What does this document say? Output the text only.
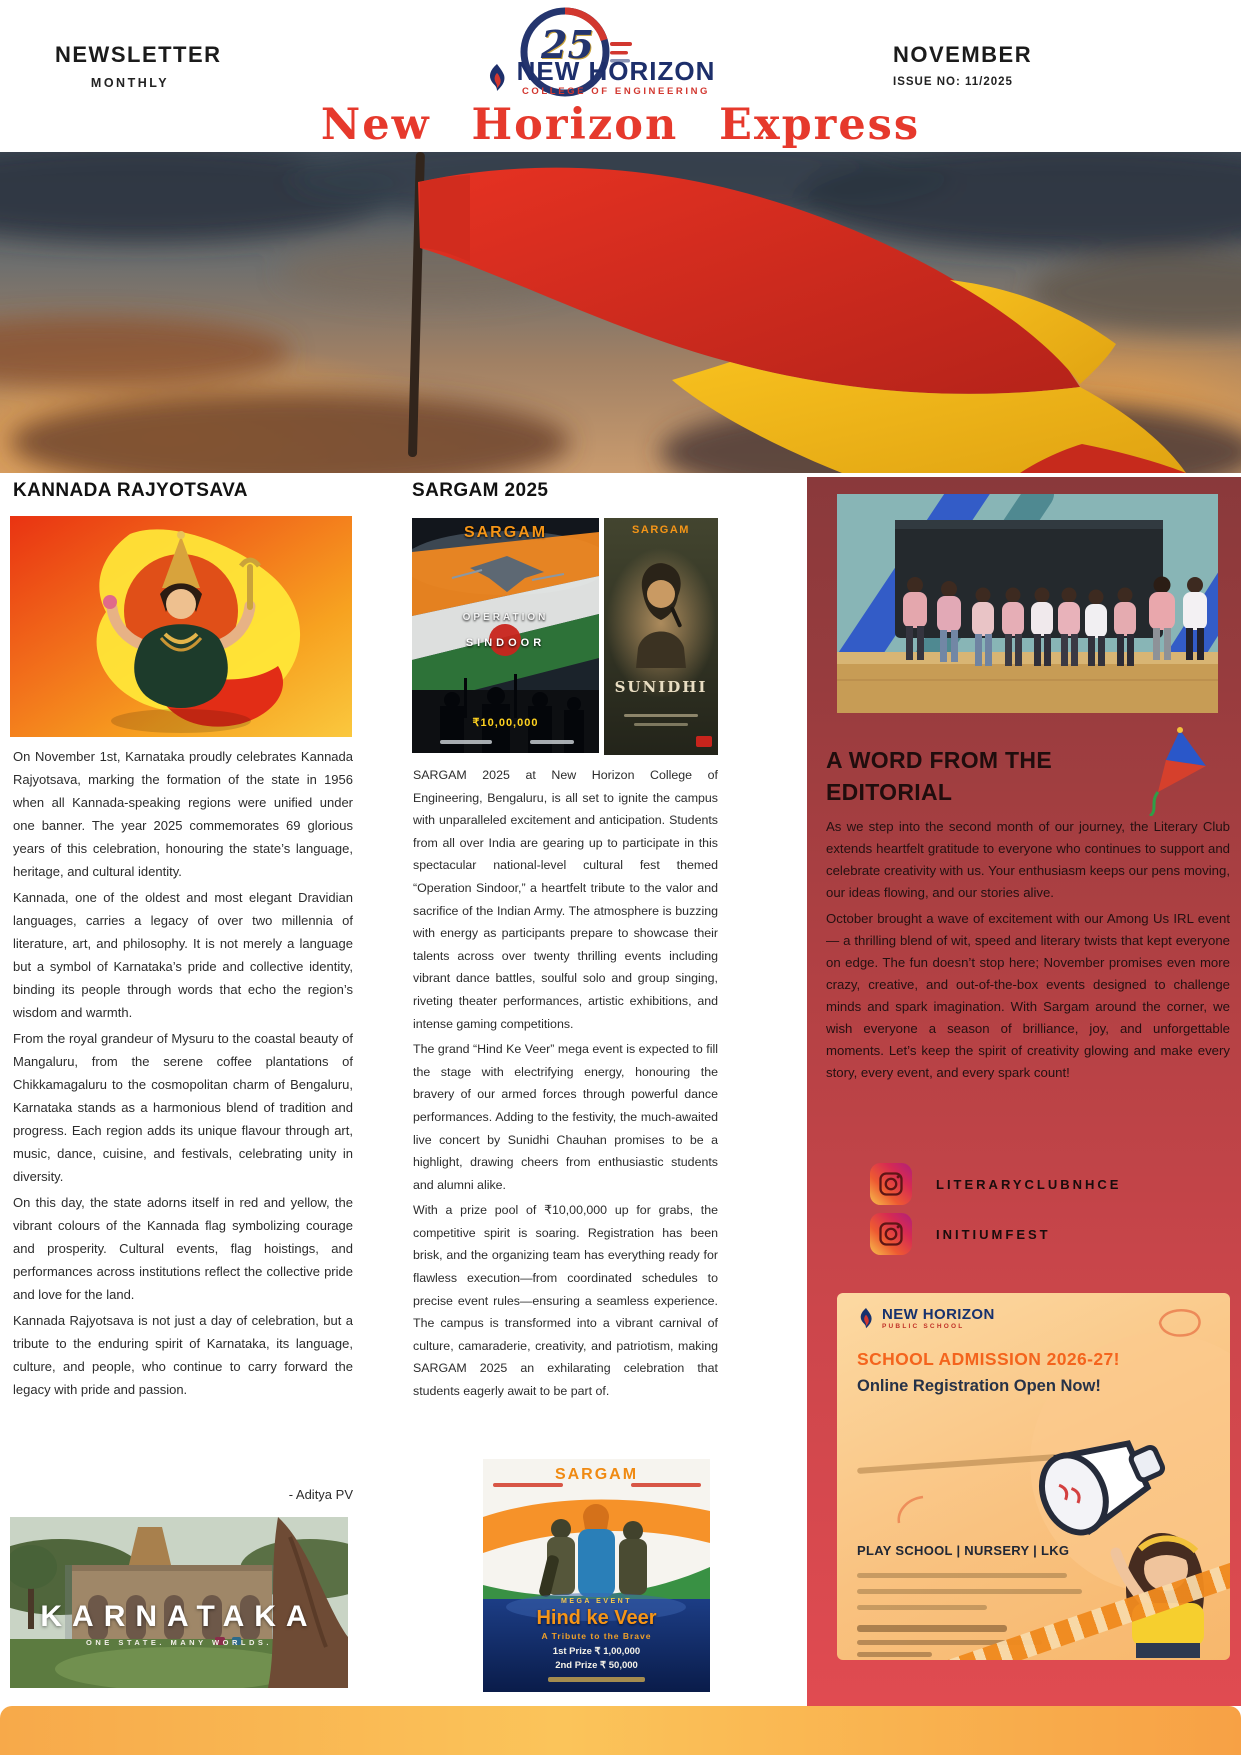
NEWSLETTER
MONTHLY
NOVEMBER
ISSUE NO: 11/2025
25
NEW HORIZON
COLLEGE OF ENGINEERING
New Horizon Express
KANNADA RAJYOTSAVA

On November 1st, Karnataka proudly celebrates Kannada Rajyotsava, marking the formation of the state in 1956 when all Kannada-speaking regions were unified under one banner. The year 2025 commemorates 69 glorious years of this celebration, honouring the state’s language, heritage, and cultural identity.

Kannada, one of the oldest and most elegant Dravidian languages, carries a legacy of over two millennia of literature, art, and philosophy. It is not merely a language but a symbol of Karnataka’s pride and collective identity, binding its people through words that echo the region’s wisdom and warmth.

From the royal grandeur of Mysuru to the coastal beauty of Mangaluru, from the serene coffee plantations of Chikkamagaluru to the cosmopolitan charm of Bengaluru, Karnataka stands as a harmonious blend of tradition and progress. Each region adds its unique flavour through art, music, dance, cuisine, and festivals, celebrating unity in diversity.

On this day, the state adorns itself in red and yellow, the vibrant colours of the Kannada flag symbolizing courage and prosperity. Cultural events, flag hoistings, and performances across institutions reflect the collective pride and love for the land.

Kannada Rajyotsava is not just a day of celebration, but a tribute to the enduring spirit of Karnataka, its language, culture, and people, who continue to carry forward the legacy with pride and passion.

- Aditya PV
KARNATAKA
ONE STATE. MANY WORLDS.
SARGAM 2025
SARGAM
OPERATION
SINDOOR
₹10,00,000
SARGAM
SUNIDHI

SARGAM 2025 at New Horizon College of Engineering, Bengaluru, is all set to ignite the campus with unparalleled excitement and anticipation. Students from all over India are gearing up to participate in this spectacular national-level cultural fest themed “Operation Sindoor,” a heartfelt tribute to the valor and sacrifice of the Indian Army. The atmosphere is buzzing with energy as participants prepare to showcase their talents across over twenty thrilling events including vibrant dance battles, soulful solo and group singing, riveting theater performances, artistic exhibitions, and intense gaming competitions.

The grand “Hind Ke Veer” mega event is expected to fill the stage with electrifying energy, honouring the bravery of our armed forces through powerful dance performances. Adding to the festivity, the much-awaited live concert by Sunidhi Chauhan promises to be a highlight, drawing cheers from enthusiastic students and alumni alike.

With a prize pool of ₹10,00,000 up for grabs, the competitive spirit is soaring. Registration has been brisk, and the organizing team has everything ready for flawless execution—from coordinated schedules to precise event rules—ensuring a seamless experience. The campus is transformed into a vibrant carnival of culture, camaraderie, creativity, and patriotism, making SARGAM 2025 an exhilarating celebration that students eagerly await to be part of.

SARGAM
MEGA EVENT
Hind ke Veer
A Tribute to the Brave
1st Prize ₹ 1,00,000
2nd Prize ₹ 50,000
A WORD FROM THE
EDITORIAL

As we step into the second month of our journey, the Literary Club extends heartfelt gratitude to everyone who continues to support and celebrate creativity with us. Your enthusiasm keeps our pens moving, our ideas flowing, and our stories alive.

October brought a wave of excitement with our Among Us IRL event — a thrilling blend of wit, speed and literary twists that kept everyone on edge. The fun doesn’t stop here; November promises even more crazy, creative, and out-of-the-box events designed to challenge minds and spark imagination. With Sargam around the corner, we wish everyone a season of brilliance, joy, and unforgettable moments. Let’s keep the spirit of creativity glowing and make every story, every event, and every spark count!

LITERARYCLUBNHCE
INITIUMFEST
NEW HORIZON
PUBLIC SCHOOL
SCHOOL ADMISSION 2026-27!
Online Registration Open Now!
PLAY SCHOOL | NURSERY | LKG
